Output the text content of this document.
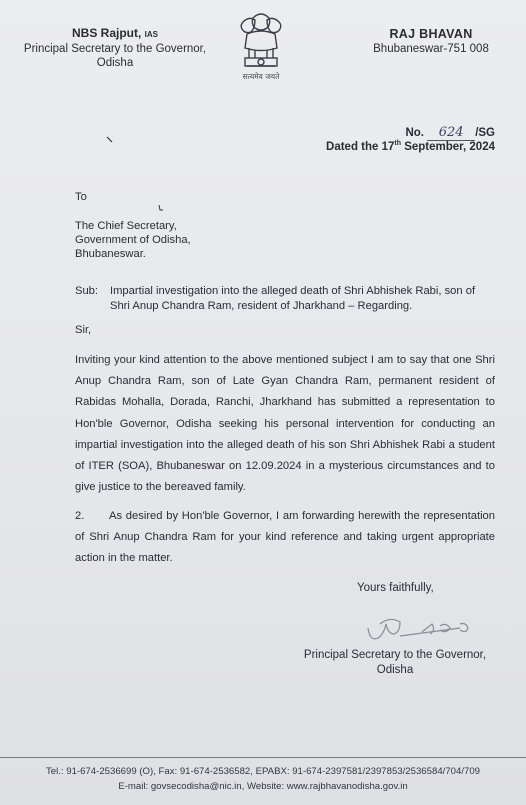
NBS Rajput, IAS
Principal Secretary to the Governor,
Odisha
सत्यमेव जयते
RAJ BHAVAN
Bhubaneswar-751 008
No. 624 /SG
Dated the 17th September, 2024
To
The Chief Secretary,
Government of Odisha,
Bhubaneswar.
Sub: Impartial investigation into the alleged death of Shri Abhishek Rabi, son of Shri Anup Chandra Ram, resident of Jharkhand – Regarding.
Sir,
Inviting your kind attention to the above mentioned subject I am to say that one Shri Anup Chandra Ram, son of Late Gyan Chandra Ram, permanent resident of Rabidas Mohalla, Dorada, Ranchi, Jharkhand has submitted a representation to Hon'ble Governor, Odisha seeking his personal intervention for conducting an impartial investigation into the alleged death of his son Shri Abhishek Rabi a student of ITER (SOA), Bhubaneswar on 12.09.2024 in a mysterious circumstances and to give justice to the bereaved family.
2. As desired by Hon'ble Governor, I am forwarding herewith the representation of Shri Anup Chandra Ram for your kind reference and taking urgent appropriate action in the matter.
Yours faithfully,
Principal Secretary to the Governor,
Odisha
Tel.: 91-674-2536699 (O), Fax: 91-674-2536582, EPABX: 91-674-2397581/2397853/2536584/704/709
E-mail: govsecodisha@nic.in, Website: www.rajbhavanodisha.gov.in
